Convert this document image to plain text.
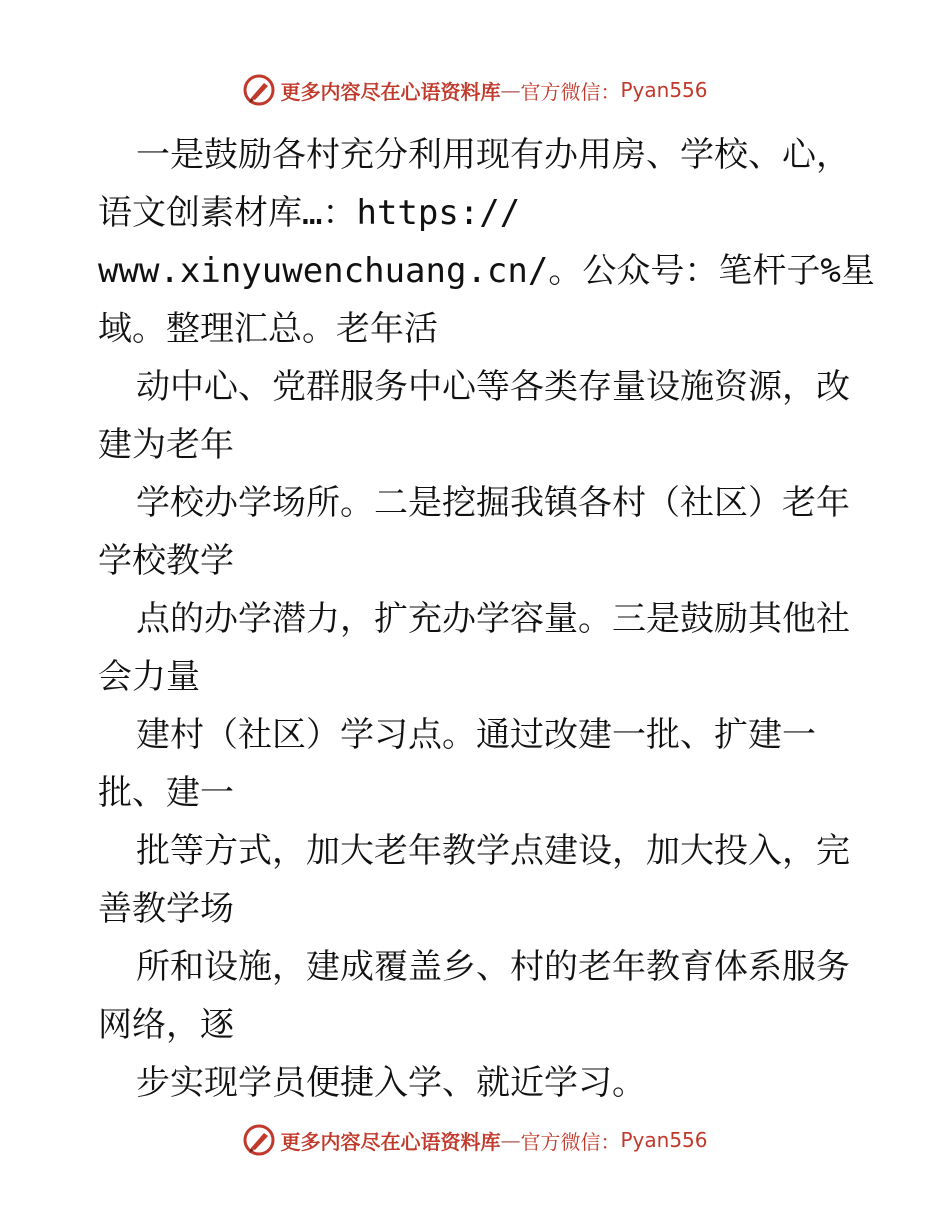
更多内容尽在心语资料库 — 官方微信： Pyan556
一是鼓励各村充分利用现有办用房、学校、心，
语文创素材库…：https://
www.xinyuwenchuang.cn/。公众号：笔杆子%星
域。整理汇总。老年活
动中心、党群服务中心等各类存量设施资源，改
建为老年
学校办学场所。二是挖掘我镇各村（社区）老年
学校教学
点的办学潜力，扩充办学容量。三是鼓励其他社
会力量
建村（社区）学习点。通过改建一批、扩建一
批、建一
批等方式，加大老年教学点建设，加大投入，完
善教学场
所和设施，建成覆盖乡、村的老年教育体系服务
网络，逐
步实现学员便捷入学、就近学习。
更多内容尽在心语资料库 — 官方微信： Pyan556
